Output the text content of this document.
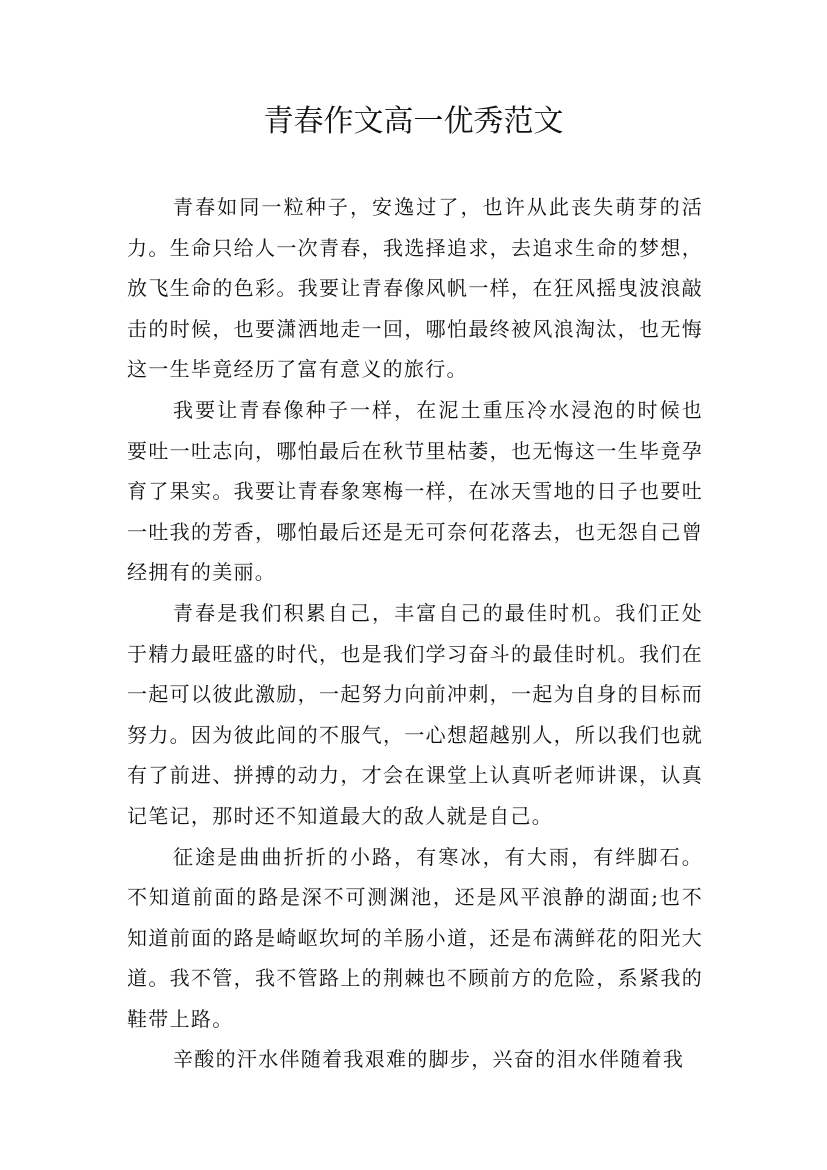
青春作文高一优秀范文

青春如同一粒种子，安逸过了，也许从此丧失萌芽的活力。生命只给人一次青春，我选择追求，去追求生命的梦想，放飞生命的色彩。我要让青春像风帆一样，在狂风摇曳波浪敲击的时候，也要潇洒地走一回，哪怕最终被风浪淘汰，也无悔这一生毕竟经历了富有意义的旅行。

我要让青春像种子一样，在泥土重压冷水浸泡的时候也要吐一吐志向，哪怕最后在秋节里枯萎，也无悔这一生毕竟孕育了果实。我要让青春象寒梅一样，在冰天雪地的日子也要吐一吐我的芳香，哪怕最后还是无可奈何花落去，也无怨自己曾经拥有的美丽。

青春是我们积累自己，丰富自己的最佳时机。我们正处于精力最旺盛的时代，也是我们学习奋斗的最佳时机。我们在一起可以彼此激励，一起努力向前冲刺，一起为自身的目标而努力。因为彼此间的不服气，一心想超越别人，所以我们也就有了前进、拼搏的动力，才会在课堂上认真听老师讲课，认真记笔记，那时还不知道最大的敌人就是自己。

征途是曲曲折折的小路，有寒冰，有大雨，有绊脚石。不知道前面的路是深不可测渊池，还是风平浪静的湖面;也不知道前面的路是崎岖坎坷的羊肠小道，还是布满鲜花的阳光大道。我不管，我不管路上的荆棘也不顾前方的危险，系紧我的鞋带上路。

辛酸的汗水伴随着我艰难的脚步，兴奋的泪水伴随着我
